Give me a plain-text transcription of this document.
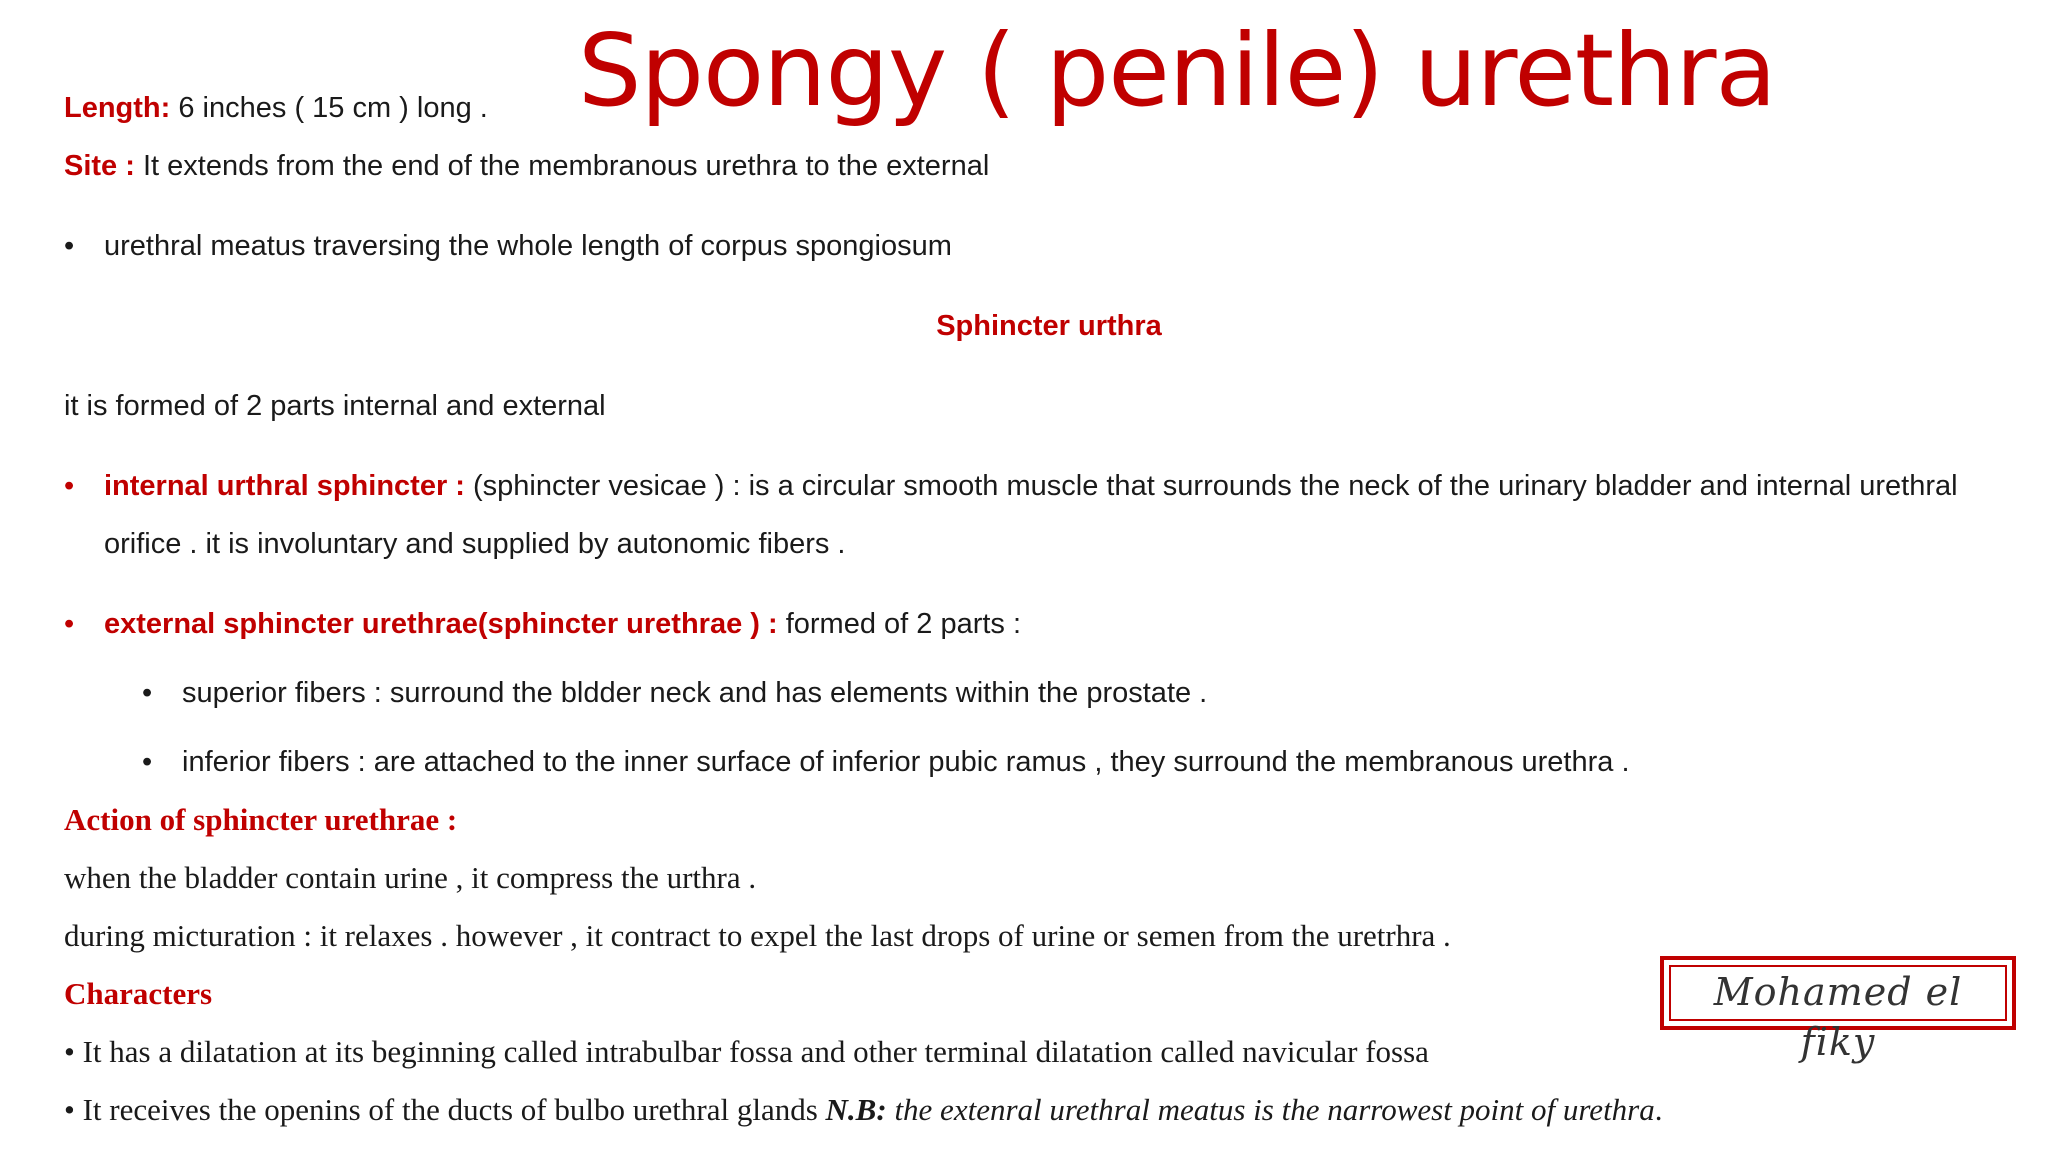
Spongy ( penile) urethra
Length: 6 inches ( 15 cm ) long .
Site : It extends from the end of the membranous urethra to the external
• urethral meatus traversing the whole length of corpus spongiosum
Sphincter urthra
it is formed of 2 parts internal and external
• internal urthral sphincter : (sphincter vesicae ) : is a circular smooth muscle that surrounds the neck of the urinary bladder and internal urethral
orifice . it is involuntary and supplied by autonomic fibers .
• external sphincter urethrae(sphincter urethrae ) : formed of 2 parts :
• superior fibers : surround the bldder neck and has elements within the prostate .
• inferior fibers : are attached to the inner surface of inferior pubic ramus , they surround the membranous urethra .
Action of sphincter urethrae :
when the bladder contain urine , it compress the urthra .
during micturation : it relaxes . however , it contract to expel the last drops of urine or semen from the uretrhra .
Characters
• It has a dilatation at its beginning called intrabulbar fossa and other terminal dilatation called navicular fossa
• It receives the openins of the ducts of bulbo urethral glands N.B: the extenral urethral meatus is the narrowest point of urethra.
Mohamed el fiky
